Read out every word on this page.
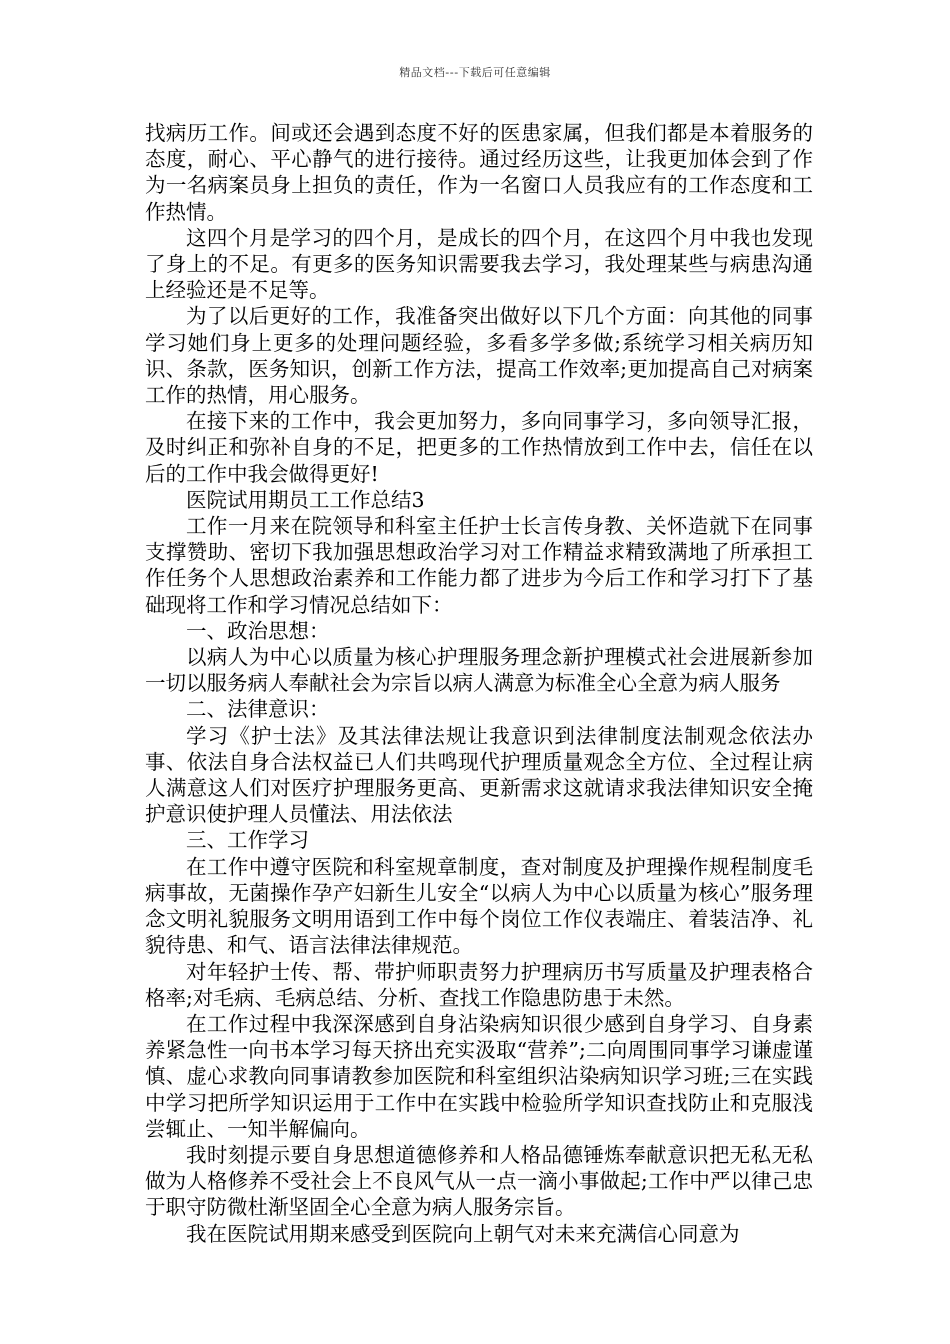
精品文档---下载后可任意编辑

找病历工作。间或还会遇到态度不好的医患家属，但我们都是本着服务的态度，耐心、平心静气的进行接待。通过经历这些，让我更加体会到了作为一名病案员身上担负的责任，作为一名窗口人员我应有的工作态度和工作热情。

这四个月是学习的四个月，是成长的四个月，在这四个月中我也发现了身上的不足。有更多的医务知识需要我去学习，我处理某些与病患沟通上经验还是不足等。

为了以后更好的工作，我准备突出做好以下几个方面：向其他的同事学习她们身上更多的处理问题经验，多看多学多做;系统学习相关病历知识、条款，医务知识，创新工作方法，提高工作效率;更加提高自己对病案工作的热情，用心服务。

在接下来的工作中，我会更加努力，多向同事学习，多向领导汇报，及时纠正和弥补自身的不足，把更多的工作热情放到工作中去，信任在以后的工作中我会做得更好!

医院试用期员工工作总结3

工作一月来在院领导和科室主任护士长言传身教、关怀造就下在同事支撑赞助、密切下我加强思想政治学习对工作精益求精致满地了所承担工作任务个人思想政治素养和工作能力都了进步为今后工作和学习打下了基础现将工作和学习情况总结如下：

一、政治思想：

以病人为中心以质量为核心护理服务理念新护理模式社会进展新参加一切以服务病人奉献社会为宗旨以病人满意为标准全心全意为病人服务

二、法律意识：

学习《护士法》及其法律法规让我意识到法律制度法制观念依法办事、依法自身合法权益已人们共鸣现代护理质量观念全方位、全过程让病人满意这人们对医疗护理服务更高、更新需求这就请求我法律知识安全掩护意识使护理人员懂法、用法依法

三、工作学习

在工作中遵守医院和科室规章制度，查对制度及护理操作规程制度毛病事故，无菌操作孕产妇新生儿安全“以病人为中心以质量为核心”服务理念文明礼貌服务文明用语到工作中每个岗位工作仪表端庄、着装洁净、礼貌待患、和气、语言法律法律规范。

对年轻护士传、帮、带护师职责努力护理病历书写质量及护理表格合格率;对毛病、毛病总结、分析、查找工作隐患防患于未然。

在工作过程中我深深感到自身沾染病知识很少感到自身学习、自身素养紧急性一向书本学习每天挤出充实汲取“营养”;二向周围同事学习谦虚谨慎、虚心求教向同事请教参加医院和科室组织沾染病知识学习班;三在实践中学习把所学知识运用于工作中在实践中检验所学知识查找防止和克服浅尝辄止、一知半解偏向。

我时刻提示要自身思想道德修养和人格品德锤炼奉献意识把无私无私做为人格修养不受社会上不良风气从一点一滴小事做起;工作中严以律己忠于职守防微杜渐坚固全心全意为病人服务宗旨。

我在医院试用期来感受到医院向上朝气对未来充满信心同意为
